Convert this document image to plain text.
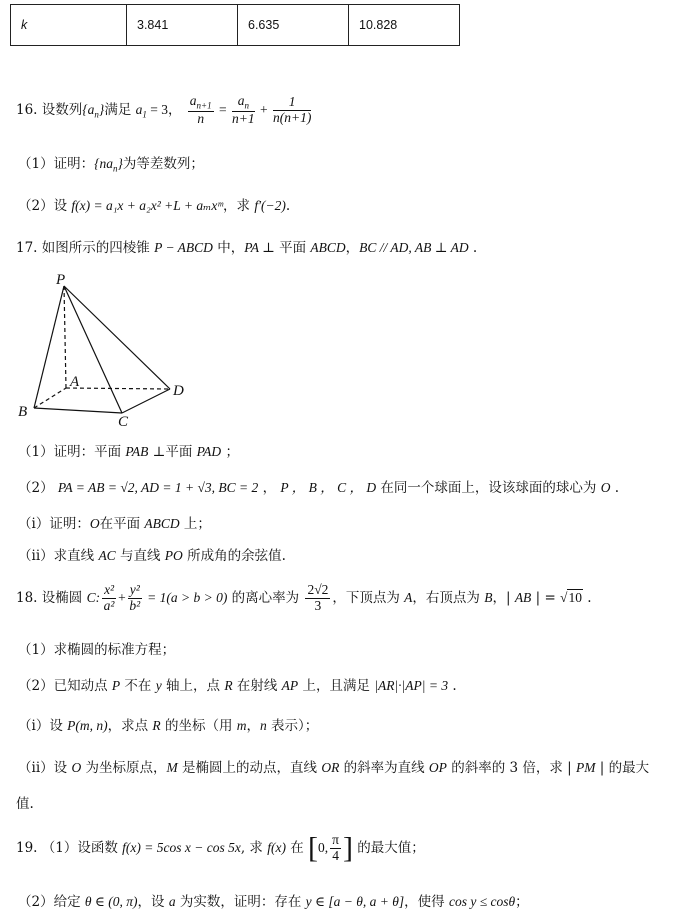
k	3.841	6.635	10.828
16. 设数列$\{a_n\}$满足 $a_1 = 3$， $\frac{a_{n+1}}{n} = \frac{a_n}{n+1} + \frac{1}{n(n+1)}$
（1）证明：$\{na_n\}$为等差数列；
（2）设 f(x) = a₁x + a₂x² +L + aₘxᵐ，求 f′(−2).
17. 如图所示的四棱锥 P − ABCD 中，PA ⊥ 平面 ABCD，BC // AD, AB ⊥ AD .
P
A
B
C
D
（1）证明：平面 PAB ⊥平面 PAD ；
（2） PA = AB = √2, AD = 1 + √3, BC = 2 ， P ， B ， C ， D 在同一个球面上，设该球面的球心为 O .
（i）证明：O在平面 ABCD 上；
（ii）求直线 AC 与直线 PO 所成角的余弦值.
18. 设椭圆 C: $\frac{\text{x²}}{\text{a²}} + \frac{\text{y²}}{\text{b²}} = 1(a > b > 0)$ 的离心率为 $\frac{2√2}{3}$ ，下顶点为 A，右顶点为 B，| AB | = √10 .
（1）求椭圆的标准方程；
（2）已知动点 P 不在 y 轴上，点 R 在射线 AP 上，且满足 |AR|·|AP| = 3 .
（i）设 P(m, n)，求点 R 的坐标（用 m，n 表示）；
（ii）设 O 为坐标原点，M 是椭圆上的动点，直线 OR 的斜率为直线 OP 的斜率的 3 倍，求 | PM | 的最大
值.
19. （1）设函数 f(x) = 5cos x − cos 5x, 求 f(x) 在 [0, $\frac{\pi}{4}$ ] 的最大值；
（2）给定 θ ∈ (0, π)，设 a 为实数，证明：存在 y ∈ [a − θ, a + θ]，使得 cos y ≤ cosθ；
